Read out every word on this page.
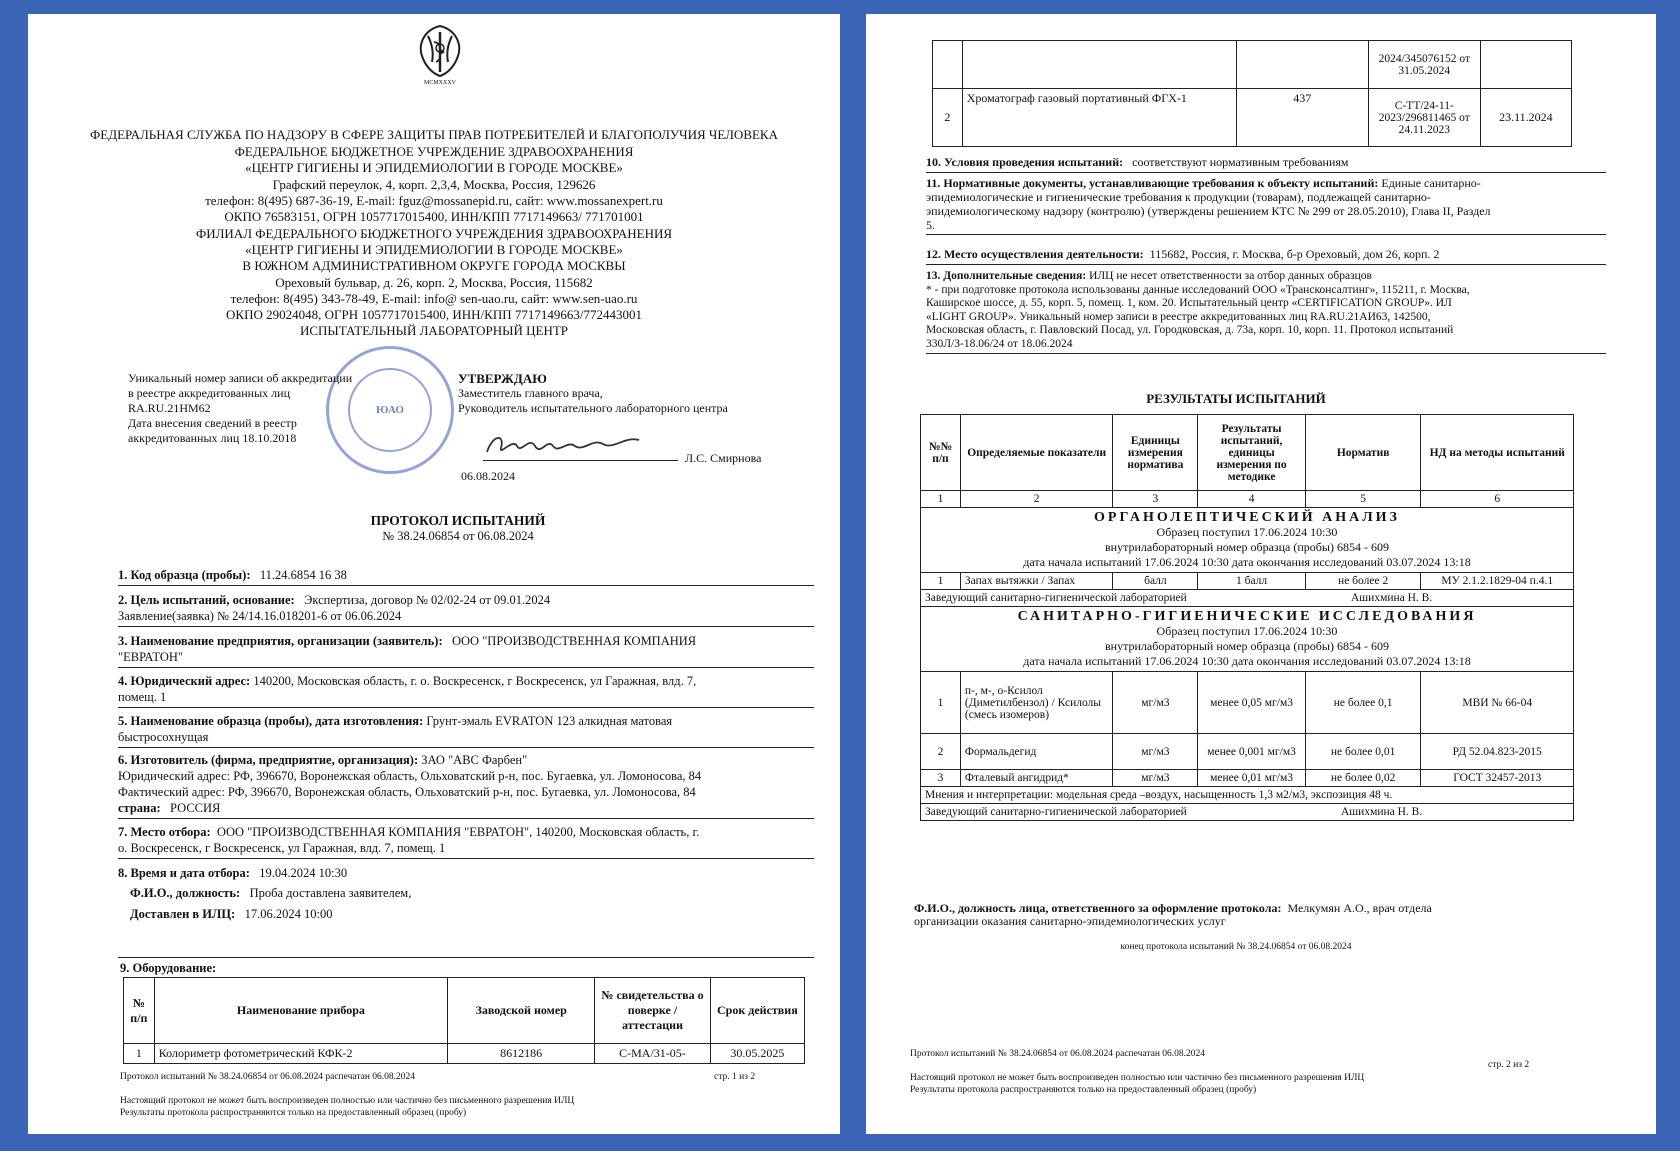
MCMXXXV
ФЕДЕРАЛЬНАЯ СЛУЖБА ПО НАДЗОРУ В СФЕРЕ ЗАЩИТЫ ПРАВ ПОТРЕБИТЕЛЕЙ И БЛАГОПОЛУЧИЯ ЧЕЛОВЕКА
ФЕДЕРАЛЬНОЕ БЮДЖЕТНОЕ УЧРЕЖДЕНИЕ ЗДРАВООХРАНЕНИЯ
«ЦЕНТР ГИГИЕНЫ И ЭПИДЕМИОЛОГИИ В ГОРОДЕ МОСКВЕ»
Графский переулок, 4, корп. 2,3,4, Москва, Россия, 129626
телефон: 8(495) 687-36-19, E-mail: fguz@mossanepid.ru, сайт: www.mossanexpert.ru
ОКПО 76583151, ОГРН 1057717015400, ИНН/КПП 7717149663/ 771701001
ФИЛИАЛ ФЕДЕРАЛЬНОГО БЮДЖЕТНОГО УЧРЕЖДЕНИЯ ЗДРАВООХРАНЕНИЯ
«ЦЕНТР ГИГИЕНЫ И ЭПИДЕМИОЛОГИИ В ГОРОДЕ МОСКВЕ»
В ЮЖНОМ АДМИНИСТРАТИВНОМ ОКРУГЕ ГОРОДА МОСКВЫ
Ореховый бульвар, д. 26, корп. 2, Москва, Россия, 115682
телефон: 8(495) 343-78-49, E-mail: info@ sen-uao.ru, сайт: www.sen-uao.ru
ОКПО 29024048, ОГРН 1057717015400, ИНН/КПП 7717149663/772443001
ИСПЫТАТЕЛЬНЫЙ ЛАБОРАТОРНЫЙ ЦЕНТР
ЮАО
Уникальный номер записи об аккредитации
в реестре аккредитованных лиц
RA.RU.21НМ62
Дата внесения сведений в реестр
аккредитованных лиц 18.10.2018
УТВЕРЖДАЮ
Заместитель главного врача,
Руководитель испытательного лабораторного центра
Л.С. Смирнова
06.08.2024
ПРОТОКОЛ ИСПЫТАНИЙ
№ 38.24.06854 от 06.08.2024
1. Код образца (пробы): 11.24.6854 16 38
2. Цель испытаний, основание: Экспертиза, договор № 02/02-24 от 09.01.2024
Заявление(заявка) № 24/14.16.018201-6 от 06.06.2024
3. Наименование предприятия, организации (заявитель): ООО "ПРОИЗВОДСТВЕННАЯ КОМПАНИЯ
"ЕВРАТОН"
4. Юридический адрес: 140200, Московская область, г. о. Воскресенск, г Воскресенск, ул Гаражная, влд. 7,
помещ. 1
5. Наименование образца (пробы), дата изготовления: Грунт-эмаль EVRATON 123 алкидная матовая
быстросохнущая
6. Изготовитель (фирма, предприятие, организация): ЗАО "АВС Фарбен"
Юридический адрес: РФ, 396670, Воронежская область, Ольховатский р-н, пос. Бугаевка, ул. Ломоносова, 84
Фактический адрес: РФ, 396670, Воронежская область, Ольховатский р-н, пос. Бугаевка, ул. Ломоносова, 84
страна: РОССИЯ
7. Место отбора: ООО "ПРОИЗВОДСТВЕННАЯ КОМПАНИЯ "ЕВРАТОН", 140200, Московская область, г.
о. Воскресенск, г Воскресенск, ул Гаражная, влд. 7, помещ. 1
8. Время и дата отбора: 19.04.2024 10:30
Ф.И.О., должность: Проба доставлена заявителем,
Доставлен в ИЛЦ: 17.06.2024 10:00
9. Оборудование:
№ п/п	Наименование прибора	Заводской номер	№ свидетельства о поверке / аттестации	Срок действия
1	Колориметр фотометрический КФК-2	8612186	С-МА/31-05-	30.05.2025
Протокол испытаний № 38.24.06854 от 06.08.2024 распечатан 06.08.2024	стр. 1 из 2
Настоящий протокол не может быть воспроизведен полностью или частично без письменного разрешения ИЛЦ
Результаты протокола распространяются только на предоставленный образец (пробу)
			2024/345076152 от 31.05.2024	
2	Хроматограф газовый портативный ФГХ-1	437	С-ТТ/24-11-2023/296811465 от 24.11.2023	23.11.2024
10. Условия проведения испытаний: соответствуют нормативным требованиям
11. Нормативные документы, устанавливающие требования к объекту испытаний: Единые санитарно-
эпидемиологические и гигиенические требования к продукции (товарам), подлежащей санитарно-
эпидемиологическому надзору (контролю) (утверждены решением КТС № 299 от 28.05.2010), Глава II, Раздел
5.
12. Место осуществления деятельности: 115682, Россия, г. Москва, б-р Ореховый, дом 26, корп. 2
13. Дополнительные сведения: ИЛЦ не несет ответственности за отбор данных образцов
* - при подготовке протокола использованы данные исследований ООО «Трансконсалтинг», 115211, г. Москва,
Каширское шоссе, д. 55, корп. 5, помещ. 1, ком. 20. Испытательный центр «CERTIFICATION GROUP». ИЛ
«LIGHT GROUP». Уникальный номер записи в реестре аккредитованных лиц RA.RU.21АИ63, 142500,
Московская область, г. Павловский Посад, ул. Городковская, д. 73а, корп. 10, корп. 11. Протокол испытаний
330Л/З-18.06/24 от 18.06.2024
РЕЗУЛЬТАТЫ ИСПЫТАНИЙ
№№ п/п	Определяемые показатели	Единицы измерения норматива	Результаты испытаний, единицы измерения по методике	Норматив	НД на методы испытаний
1	2	3	4	5	6

ОРГАНОЛЕПТИЧЕСКИЙ АНАЛИЗ
Образец поступил 17.06.2024 10:30
внутрилабораторный номер образца (пробы) 6854 - 609
дата начала испытаний 17.06.2024 10:30 дата окончания исследований 03.07.2024 13:18					

1	Запах вытяжки / Запах	балл	1 балл	не более 2	МУ 2.1.2.1829-04 п.4.1
Заведующий санитарно-гигиенической лабораторией Ашихмина Н. В.					

САНИТАРНО-ГИГИЕНИЧЕСКИЕ ИССЛЕДОВАНИЯ
Образец поступил 17.06.2024 10:30
внутрилабораторный номер образца (пробы) 6854 - 609
дата начала испытаний 17.06.2024 10:30 дата окончания исследований 03.07.2024 13:18					

1	п-, м-, о-Ксилол (Диметилбензол) / Ксилолы (смесь изомеров)	мг/м3	менее 0,05 мг/м3	не более 0,1	МВИ № 66-04
2	Формальдегид	мг/м3	менее 0,001 мг/м3	не более 0,01	РД 52.04.823-2015
3	Фталевый ангидрид*	мг/м3	менее 0,01 мг/м3	не более 0,02	ГОСТ 32457-2013
Мнения и интерпретации: модельная среда –воздух, насыщенность 1,3 м2/м3, экспозиция 48 ч.					
Заведующий санитарно-гигиенической лабораторией Ашихмина Н. В.					
Ф.И.О., должность лица, ответственного за оформление протокола: Мелкумян А.О., врач отдела
организации оказания санитарно-эпидемиологических услуг
конец протокола испытаний № 38.24.06854 от 06.08.2024
Протокол испытаний № 38.24.06854 от 06.08.2024 распечатан 06.08.2024
стр. 2 из 2
Настоящий протокол не может быть воспроизведен полностью или частично без письменного разрешения ИЛЦ
Результаты протокола распространяются только на предоставленный образец (пробу)
